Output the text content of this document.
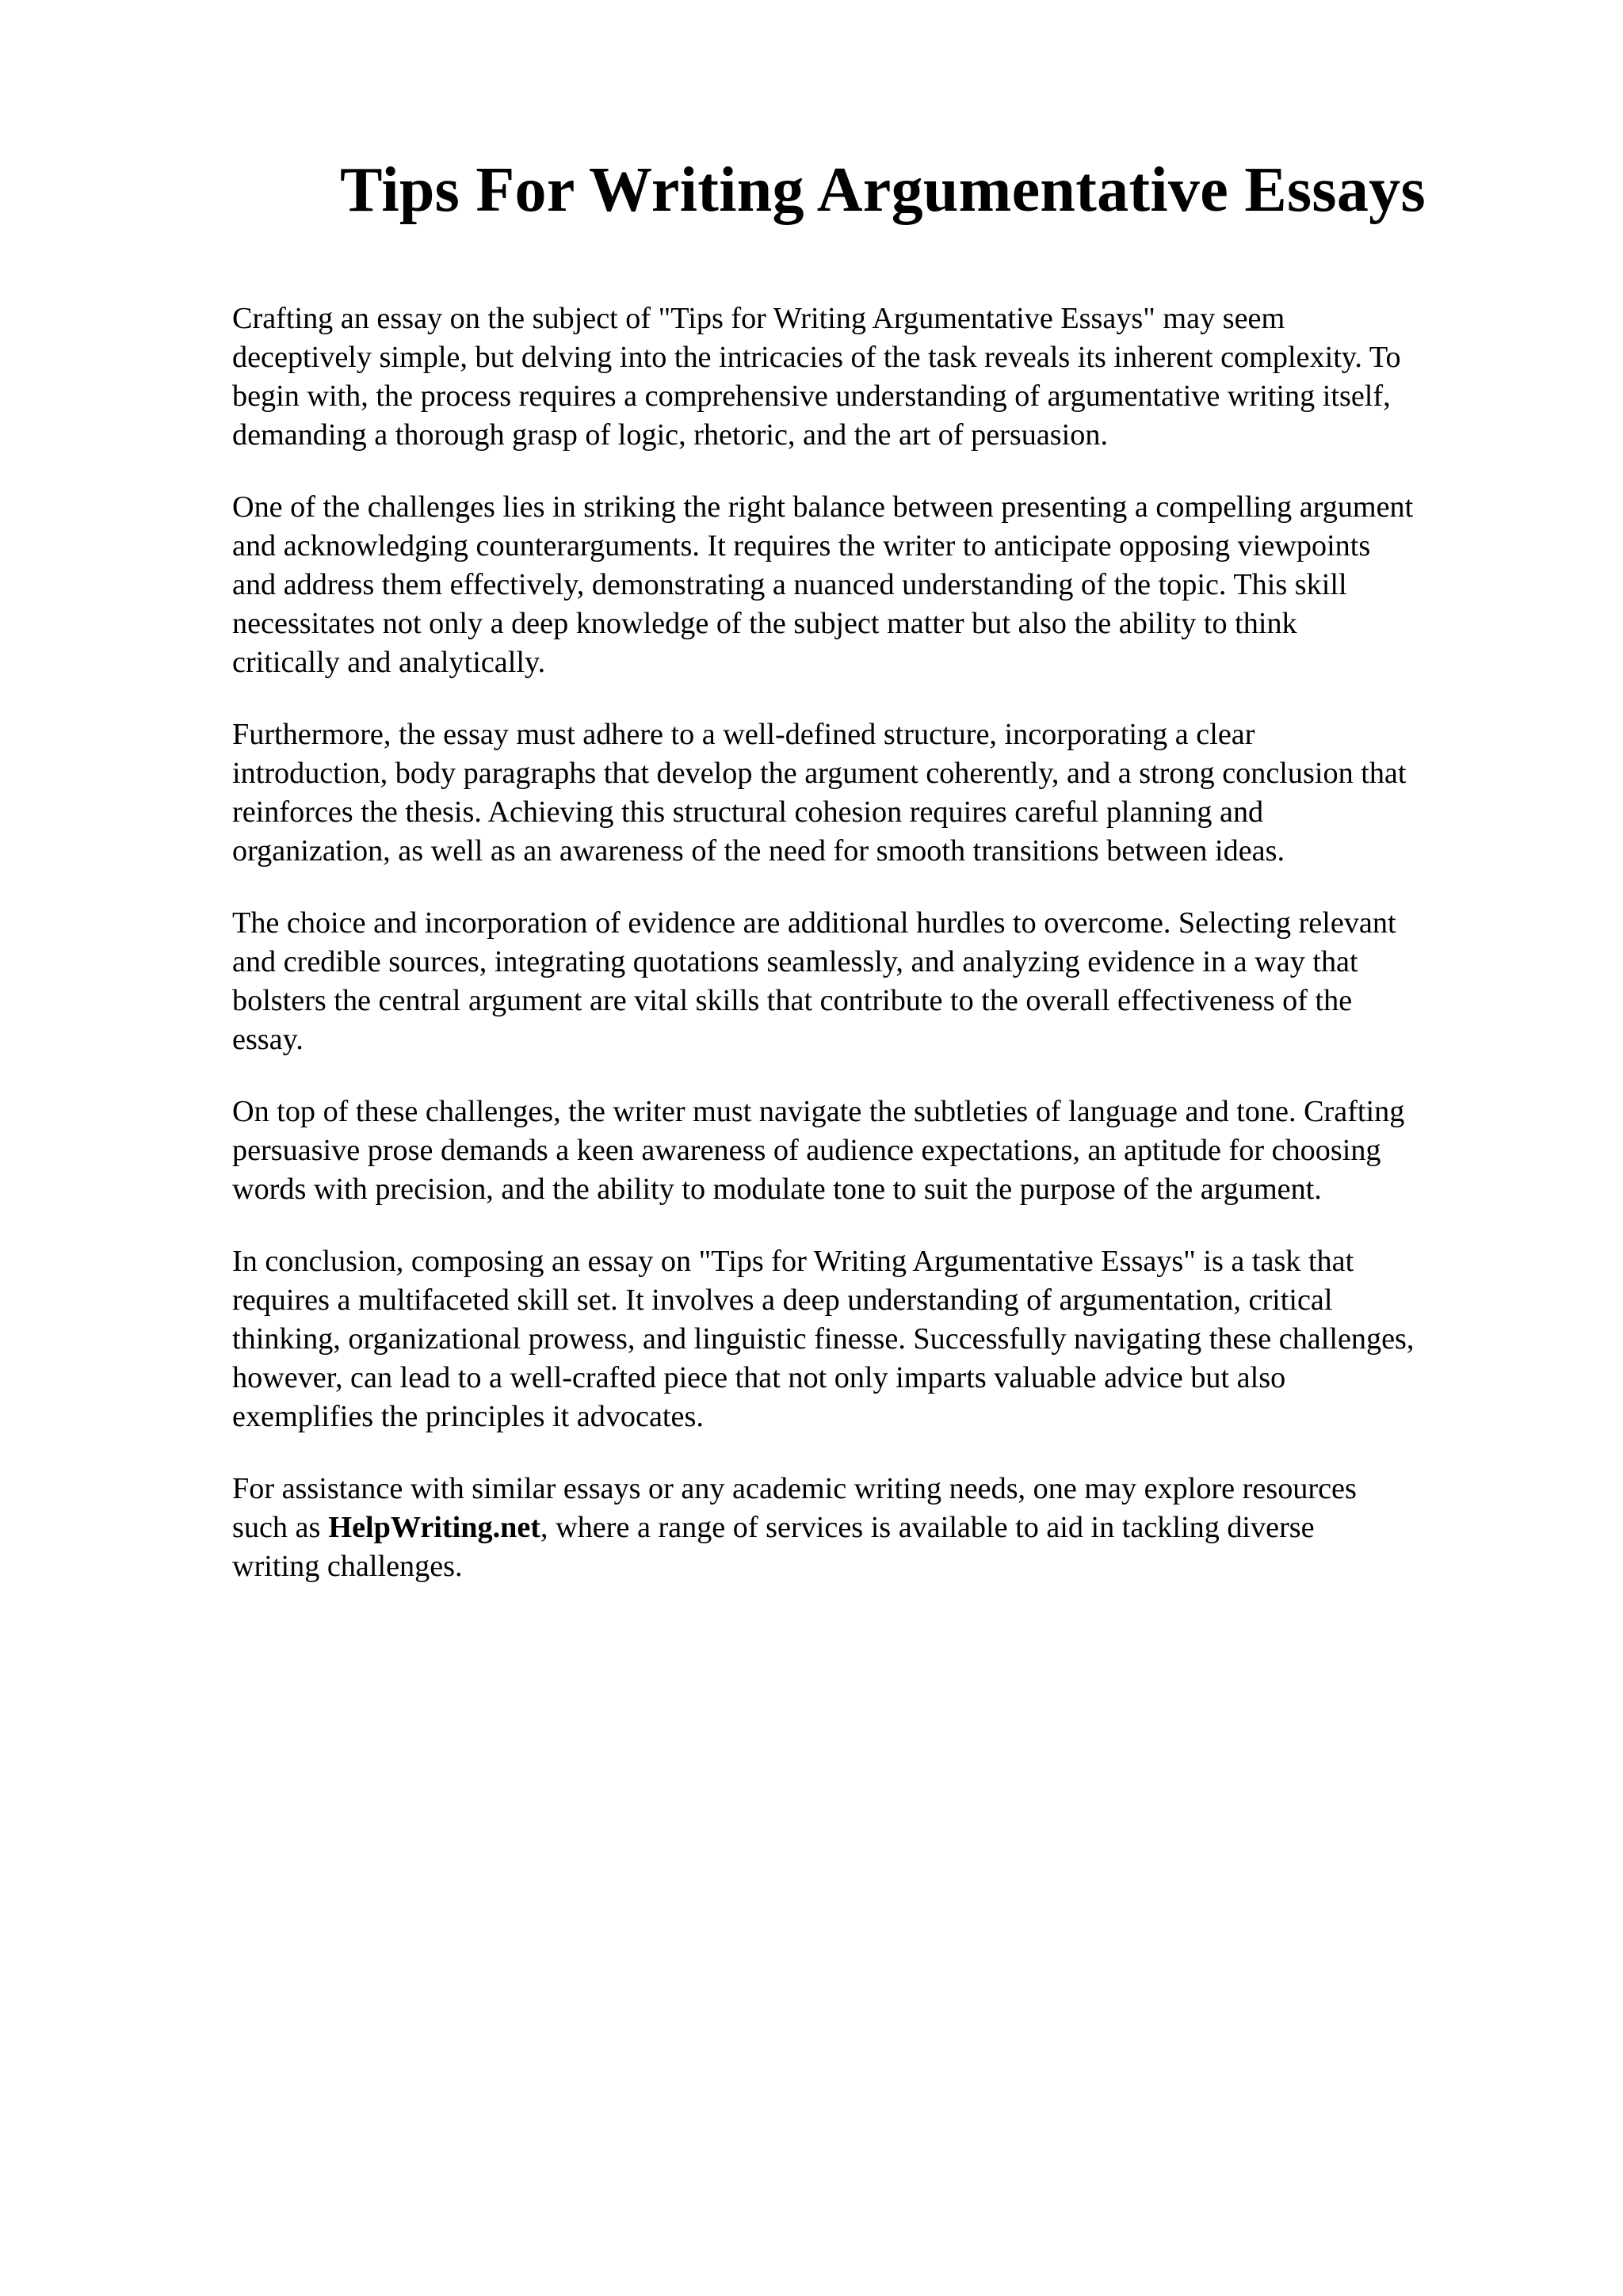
Tips For Writing Argumentative Essays

Crafting an essay on the subject of "Tips for Writing Argumentative Essays" may seem
deceptively simple, but delving into the intricacies of the task reveals its inherent complexity. To
begin with, the process requires a comprehensive understanding of argumentative writing itself,
demanding a thorough grasp of logic, rhetoric, and the art of persuasion.

One of the challenges lies in striking the right balance between presenting a compelling argument
and acknowledging counterarguments. It requires the writer to anticipate opposing viewpoints
and address them effectively, demonstrating a nuanced understanding of the topic. This skill
necessitates not only a deep knowledge of the subject matter but also the ability to think
critically and analytically.

Furthermore, the essay must adhere to a well-defined structure, incorporating a clear
introduction, body paragraphs that develop the argument coherently, and a strong conclusion that
reinforces the thesis. Achieving this structural cohesion requires careful planning and
organization, as well as an awareness of the need for smooth transitions between ideas.

The choice and incorporation of evidence are additional hurdles to overcome. Selecting relevant
and credible sources, integrating quotations seamlessly, and analyzing evidence in a way that
bolsters the central argument are vital skills that contribute to the overall effectiveness of the
essay.

On top of these challenges, the writer must navigate the subtleties of language and tone. Crafting
persuasive prose demands a keen awareness of audience expectations, an aptitude for choosing
words with precision, and the ability to modulate tone to suit the purpose of the argument.

In conclusion, composing an essay on "Tips for Writing Argumentative Essays" is a task that
requires a multifaceted skill set. It involves a deep understanding of argumentation, critical
thinking, organizational prowess, and linguistic finesse. Successfully navigating these challenges,
however, can lead to a well-crafted piece that not only imparts valuable advice but also
exemplifies the principles it advocates.

For assistance with similar essays or any academic writing needs, one may explore resources
such as HelpWriting.net, where a range of services is available to aid in tackling diverse
writing challenges.
